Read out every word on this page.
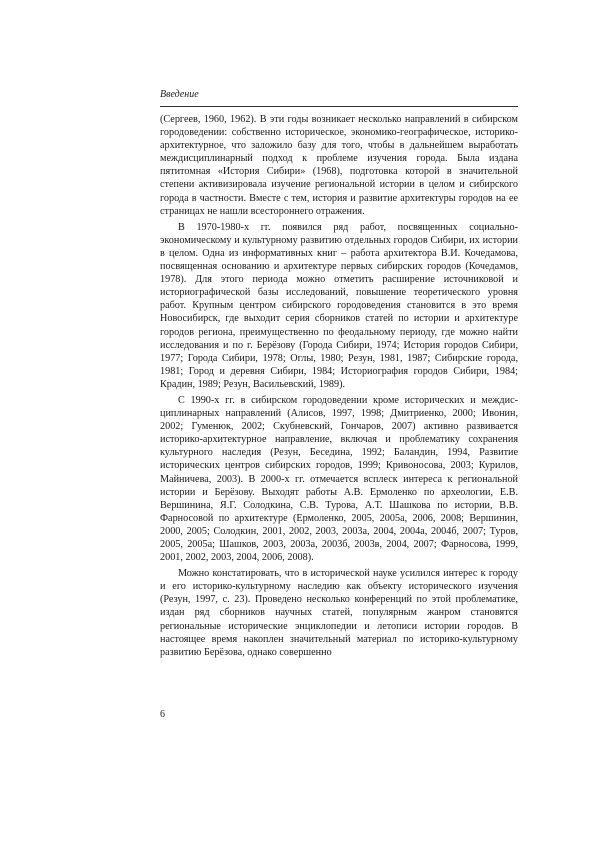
Введение

(Сергеев, 1960, 1962). В эти годы возникает несколько направлений в сибирском городоведении: собственно историческое, экономико-географическое, историко-архитектурное, что заложило базу для того, чтобы в дальнейшем выработать междисциплинарный подход к проблеме изучения города. Была издана пятитомная «История Сибири» (1968), подготовка которой в значительной степени активизировала изучение региональной истории в целом и сибирского города в частности. Вместе с тем, история и развитие архитектуры городов на ее страницах не нашли всестороннего отражения.

В 1970-1980-х гг. появился ряд работ, посвященных социально-экономическому и культурному развитию отдельных городов Сибири, их истории в целом. Одна из информативных книг – работа архитектора В.И. Кочедамова, посвященная основанию и архитектуре первых сибирских городов (Кочедамов, 1978). Для этого периода можно отметить расширение источниковой и историографической базы исследований, повышение теоретического уровня работ. Крупным центром сибирского городоведения становится в это время Новосибирск, где выходит серия сборников статей по истории и архитектуре городов региона, преимущественно по феодальному периоду, где можно найти исследования и по г. Берёзову (Города Сибири, 1974; История городов Сибири, 1977; Города Сибири, 1978; Оглы, 1980; Резун, 1981, 1987; Сибирские города, 1981; Город и деревня Сибири, 1984; Историография городов Сибири, 1984; Крадин, 1989; Резун, Васильевский, 1989).

С 1990-х гг. в сибирском городоведении кроме исторических и междисциплинарных направлений (Алисов, 1997, 1998; Дмитриенко, 2000; Ивонин, 2002; Гуменюк, 2002; Скубневский, Гончаров, 2007) активно развивается историко-архитектурное направление, включая и проблематику сохранения культурного наследия (Резун, Беседина, 1992; Баландин, 1994, Развитие исторических центров сибирских городов, 1999; Кривоносова, 2003; Курилов, Майничева, 2003). В 2000-х гг. отмечается всплеск интереса к региональной истории и Берёзову. Выходят работы А.В. Ермоленко по археологии, Е.В. Вершинина, Я.Г. Солодкина, С.В. Турова, А.Т. Шашкова по истории, В.В. Фарносовой по архитектуре (Ермоленко, 2005, 2005а, 2006, 2008; Вершинин, 2000, 2005; Солодкин, 2001, 2002, 2003, 2003а, 2004, 2004а, 2004б, 2007; Туров, 2005, 2005а; Шашков, 2003, 2003а, 2003б, 2003в, 2004, 2007; Фарносова, 1999, 2001, 2002, 2003, 2004, 2006, 2008).

Можно констатировать, что в исторической науке усилился интерес к городу и его историко-культурному наследию как объекту исторического изучения (Резун, 1997, с. 23). Проведено несколько конференций по этой проблематике, издан ряд сборников научных статей, популярным жанром становятся региональные исторические энциклопедии и летописи истории городов. В настоящее время накоплен значительный материал по историко-культурному развитию Берёзова, однако совершенно

6
